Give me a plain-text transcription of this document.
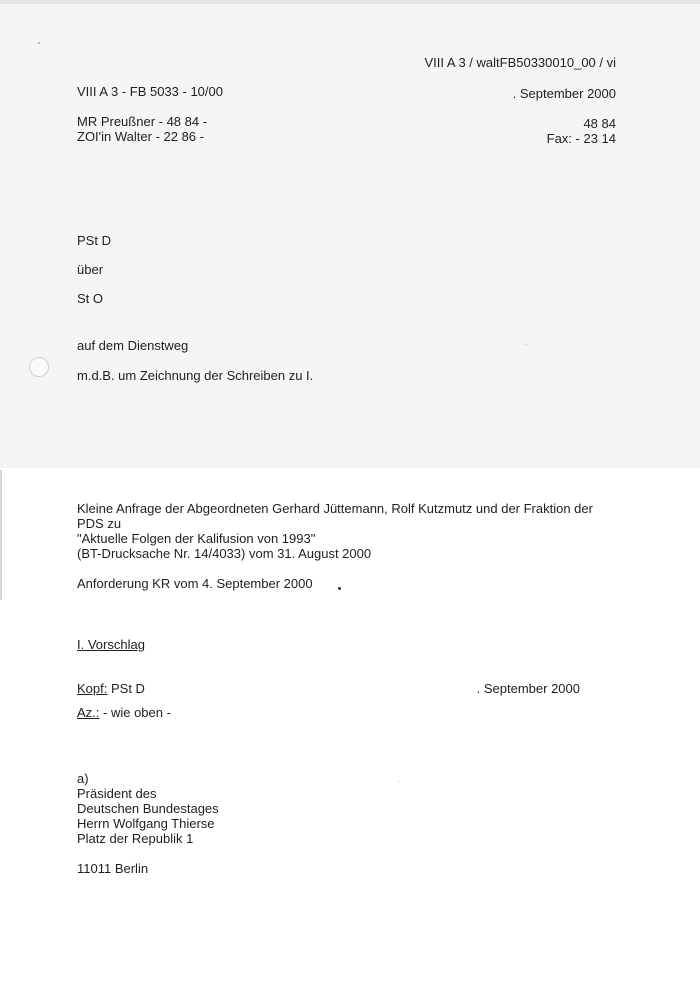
VIII A 3 / waltFB50330010_00 / vi
VIII A 3 - FB 5033 - 10/00	. September 2000
MR Preußner - 48 84 -
ZOI'in Walter - 22 86 -
48 84
Fax: - 23 14
PSt D
über
St O
auf dem Dienstweg
m.d.B. um Zeichnung der Schreiben zu I.
Kleine Anfrage der Abgeordneten Gerhard Jüttemann, Rolf Kutzmutz und der Fraktion der
PDS zu
"Aktuelle Folgen der Kalifusion von 1993"
(BT-Drucksache Nr. 14/4033) vom 31. August 2000
Anforderung KR vom 4. September 2000
I. Vorschlag
Kopf: PSt D	. September 2000
Az.: - wie oben -
a)
Präsident des
Deutschen Bundestages
Herrn Wolfgang Thierse
Platz der Republik 1
11011 Berlin
